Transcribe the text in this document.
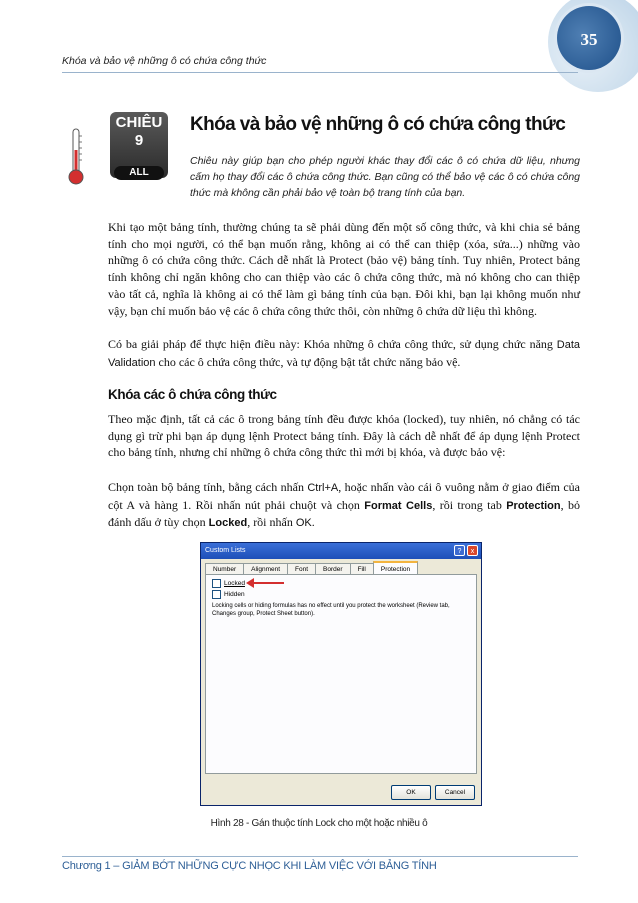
35
Khóa và bảo vệ những ô có chứa công thức
CHIÊU
9
ALL
Khóa và bảo vệ những ô có chứa công thức
Chiêu này giúp bạn cho phép người khác thay đổi các ô có chứa dữ liệu, nhưng cấm họ thay đổi các ô chứa công thức. Bạn cũng có thể bảo vệ các ô có chứa công thức mà không cần phải bảo vệ toàn bộ trang tính của bạn.
Khi tạo một bảng tính, thường chúng ta sẽ phải dùng đến một số công thức, và khi chia sẻ bảng tính cho mọi người, có thể bạn muốn rằng, không ai có thể can thiệp (xóa, sửa...) những vào những ô có chứa công thức. Cách dễ nhất là Protect (bảo vệ) bảng tính. Tuy nhiên, Protect bảng tính không chỉ ngăn không cho can thiệp vào các ô chứa công thức, mà nó không cho can thiệp vào tất cả, nghĩa là không ai có thể làm gì bảng tính của bạn. Đôi khi, bạn lại không muốn như vậy, bạn chỉ muốn bảo vệ các ô chứa công thức thôi, còn những ô chứa dữ liệu thì không.
Có ba giải pháp để thực hiện điều này: Khóa những ô chứa công thức, sử dụng chức năng Data Validation cho các ô chứa công thức, và tự động bật tắt chức năng bảo vệ.
Khóa các ô chứa công thức
Theo mặc định, tất cả các ô trong bảng tính đều được khóa (locked), tuy nhiên, nó chẳng có tác dụng gì trừ phi bạn áp dụng lệnh Protect bảng tính. Đây là cách dễ nhất để áp dụng lệnh Protect cho bảng tính, nhưng chỉ những ô chứa công thức thì mới bị khóa, và được bảo vệ:
Chọn toàn bộ bảng tính, bằng cách nhấn Ctrl+A, hoặc nhấn vào cái ô vuông nằm ở giao điểm của cột A và hàng 1. Rồi nhấn nút phải chuột và chọn Format Cells, rồi trong tab Protection, bỏ đánh dấu ở tùy chọn Locked, rồi nhấn OK.
Custom Lists	?	x
Number	Alignment	Font	Border	Fill	Protection
Locked
Hidden
Locking cells or hiding formulas has no effect until you protect the worksheet (Review tab, Changes group, Protect Sheet button).
OK	Cancel
Hình 28 - Gán thuộc tính Lock cho một hoặc nhiều ô
Chương 1 – GIẢM BỚT NHỮNG CỰC NHỌC KHI LÀM VIỆC VỚI BẢNG TÍNH
